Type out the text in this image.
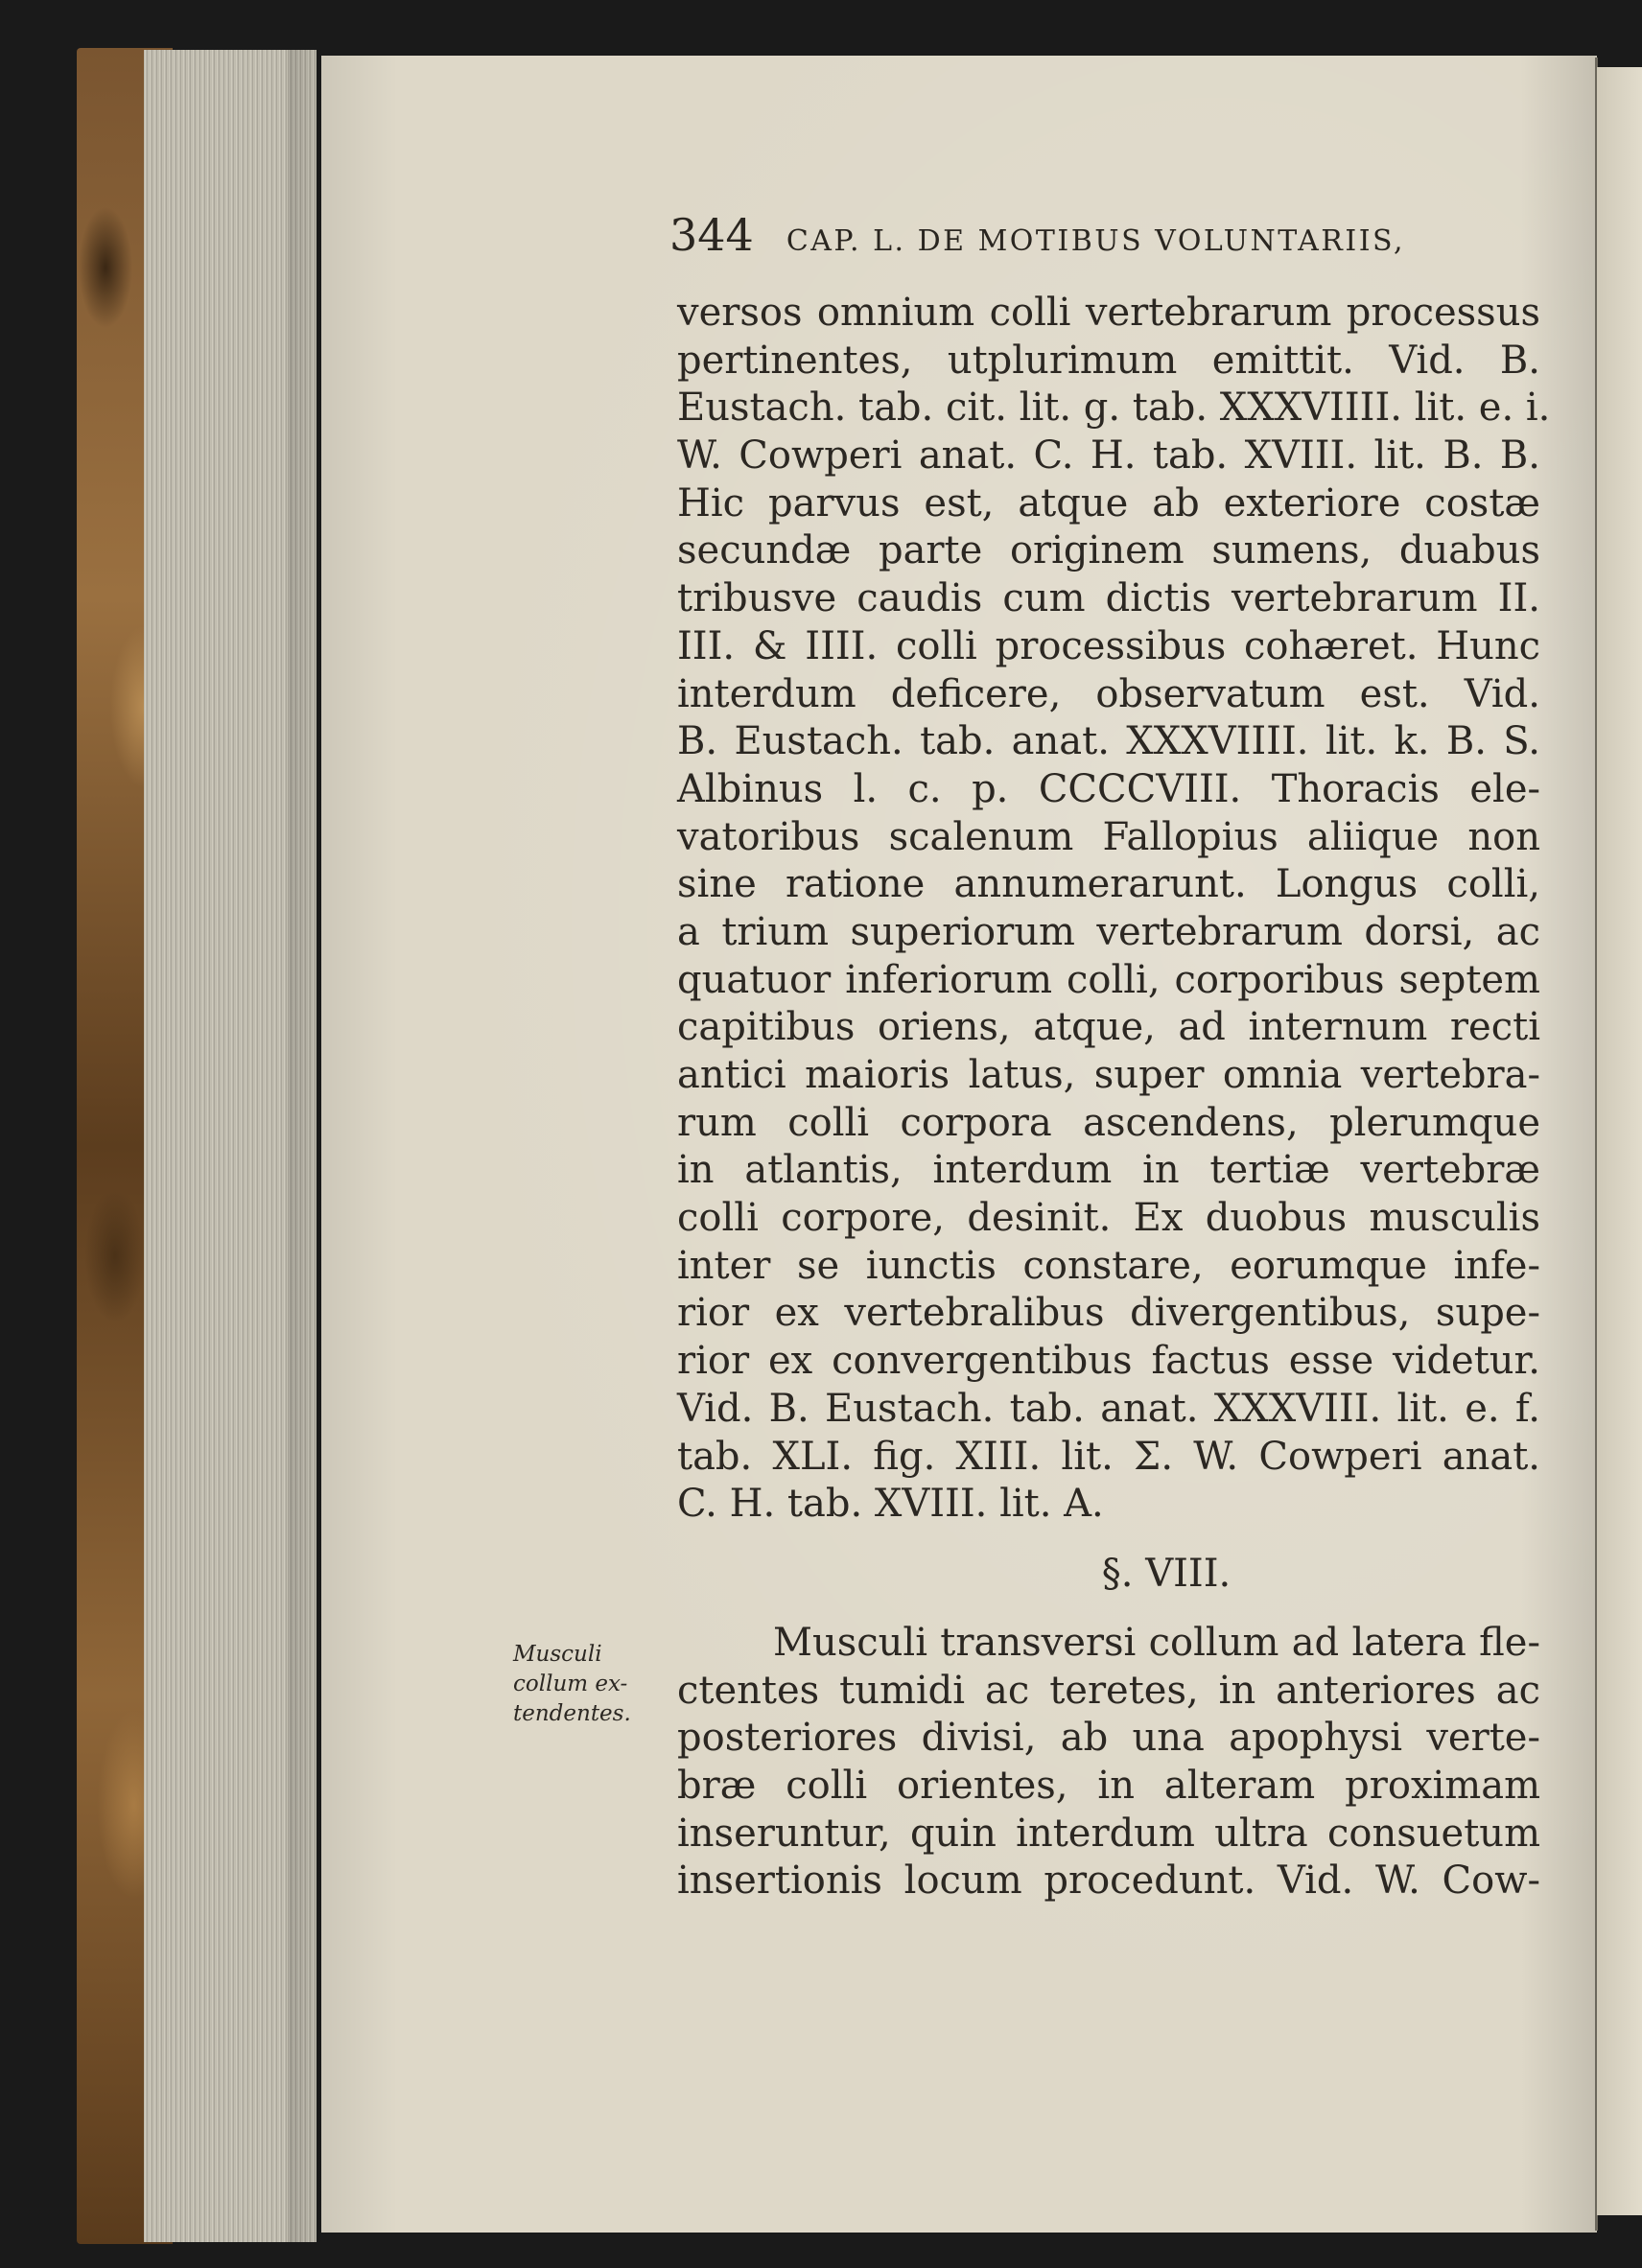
344 CAP. L. DE MOTIBUS VOLUNTARIIS,
versos omnium colli vertebrarum processus
pertinentes, utplurimum emittit. Vid. B.
Eustach. tab. cit. lit. g. tab. XXXVIIII. lit. e. i.
W. Cowperi anat. C. H. tab. XVIII. lit. B. B.
Hic parvus est, atque ab exteriore costæ
secundæ parte originem sumens, duabus
tribusve caudis cum dictis vertebrarum II.
III. & IIII. colli processibus cohæret. Hunc
interdum deficere, observatum est. Vid.
B. Eustach. tab. anat. XXXVIIII. lit. k. B. S.
Albinus l. c. p. CCCCVIII. Thoracis ele-
vatoribus scalenum Fallopius aliique non
sine ratione annumerarunt. Longus colli,
a trium superiorum vertebrarum dorsi, ac
quatuor inferiorum colli, corporibus septem
capitibus oriens, atque, ad internum recti
antici maioris latus, super omnia vertebra-
rum colli corpora ascendens, plerumque
in atlantis, interdum in tertiæ vertebræ
colli corpore, desinit. Ex duobus musculis
inter se iunctis constare, eorumque infe-
rior ex vertebralibus divergentibus, supe-
rior ex convergentibus factus esse videtur.
Vid. B. Eustach. tab. anat. XXXVIII. lit. e. f.
tab. XLI. fig. XIII. lit. Σ. W. Cowperi anat.
C. H. tab. XVIII. lit. A.
§. VIII.
Musculi transversi collum ad latera fle-
ctentes tumidi ac teretes, in anteriores ac
posteriores divisi, ab una apophysi verte-
bræ colli orientes, in alteram proximam
inseruntur, quin interdum ultra consuetum
insertionis locum procedunt. Vid. W. Cow-
Musculi
collum ex-
tendentes.
